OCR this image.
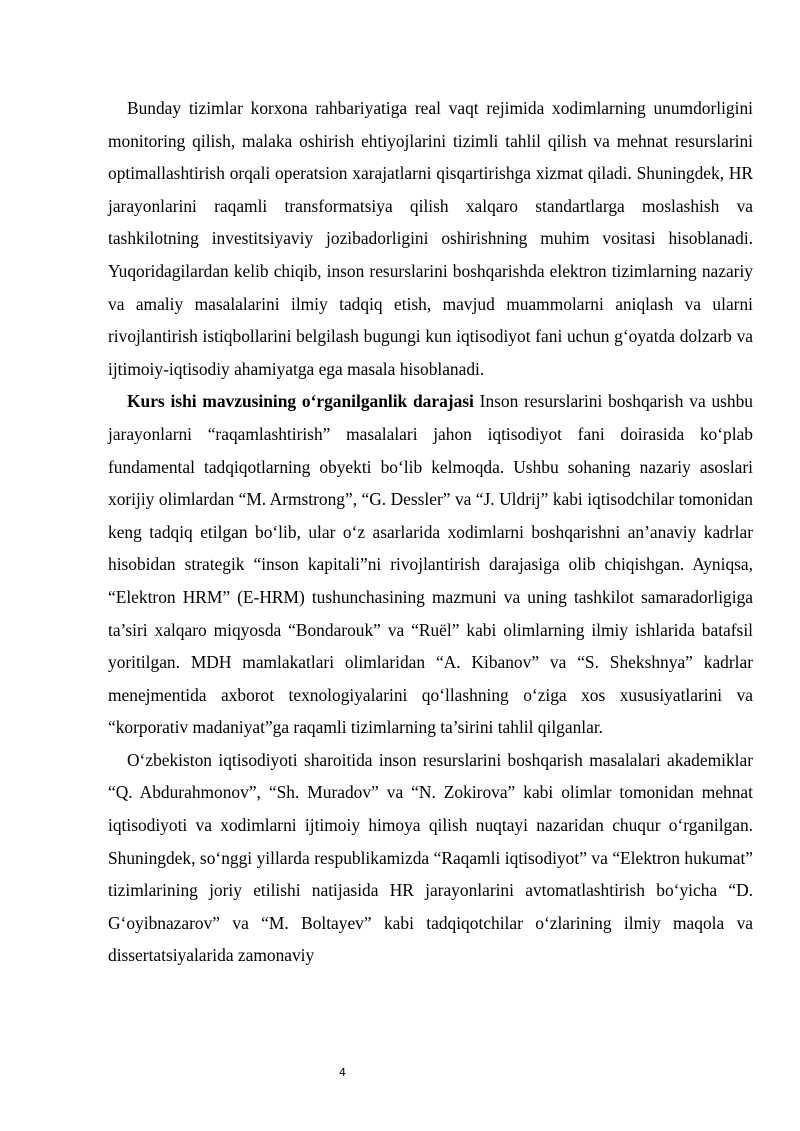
Bunday tizimlar korxona rahbariyatiga real vaqt rejimida xodimlarning unumdorligini monitoring qilish, malaka oshirish ehtiyojlarini tizimli tahlil qilish va mehnat resurslarini optimallashtirish orqali operatsion xarajatlarni qisqartirishga xizmat qiladi. Shuningdek, HR jarayonlarini raqamli transformatsiya qilish xalqaro standartlarga moslashish va tashkilotning investitsiyaviy jozibadorligini oshirishning muhim vositasi hisoblanadi. Yuqoridagilardan kelib chiqib, inson resurslarini boshqarishda elektron tizimlarning nazariy va amaliy masalalarini ilmiy tadqiq etish, mavjud muammolarni aniqlash va ularni rivojlantirish istiqbollarini belgilash bugungi kun iqtisodiyot fani uchun g‘oyatda dolzarb va ijtimoiy-iqtisodiy ahamiyatga ega masala hisoblanadi.

Kurs ishi mavzusining o‘rganilganlik darajasi Inson resurslarini boshqarish va ushbu jarayonlarni “raqamlashtirish” masalalari jahon iqtisodiyot fani doirasida ko‘plab fundamental tadqiqotlarning obyekti bo‘lib kelmoqda. Ushbu sohaning nazariy asoslari xorijiy olimlardan “M. Armstrong”, “G. Dessler” va “J. Uldrij” kabi iqtisodchilar tomonidan keng tadqiq etilgan bo‘lib, ular o‘z asarlarida xodimlarni boshqarishni an’anaviy kadrlar hisobidan strategik “inson kapitali”ni rivojlantirish darajasiga olib chiqishgan. Ayniqsa, “Elektron HRM” (E-HRM) tushunchasining mazmuni va uning tashkilot samaradorligiga ta’siri xalqaro miqyosda “Bondarouk” va “Ruël” kabi olimlarning ilmiy ishlarida batafsil yoritilgan. MDH mamlakatlari olimlaridan “A. Kibanov” va “S. Shekshnya” kadrlar menejmentida axborot texnologiyalarini qo‘llashning o‘ziga xos xususiyatlarini va “korporativ madaniyat”ga raqamli tizimlarning ta’sirini tahlil qilganlar.

O‘zbekiston iqtisodiyoti sharoitida inson resurslarini boshqarish masalalari akademiklar “Q. Abdurahmonov”, “Sh. Muradov” va “N. Zokirova” kabi olimlar tomonidan mehnat iqtisodiyoti va xodimlarni ijtimoiy himoya qilish nuqtayi nazaridan chuqur o‘rganilgan. Shuningdek, so‘nggi yillarda respublikamizda “Raqamli iqtisodiyot” va “Elektron hukumat” tizimlarining joriy etilishi natijasida HR jarayonlarini avtomatlashtirish bo‘yicha “D. G‘oyibnazarov” va “M. Boltayev” kabi tadqiqotchilar o‘zlarining ilmiy maqola va dissertatsiyalarida zamonaviy

4
